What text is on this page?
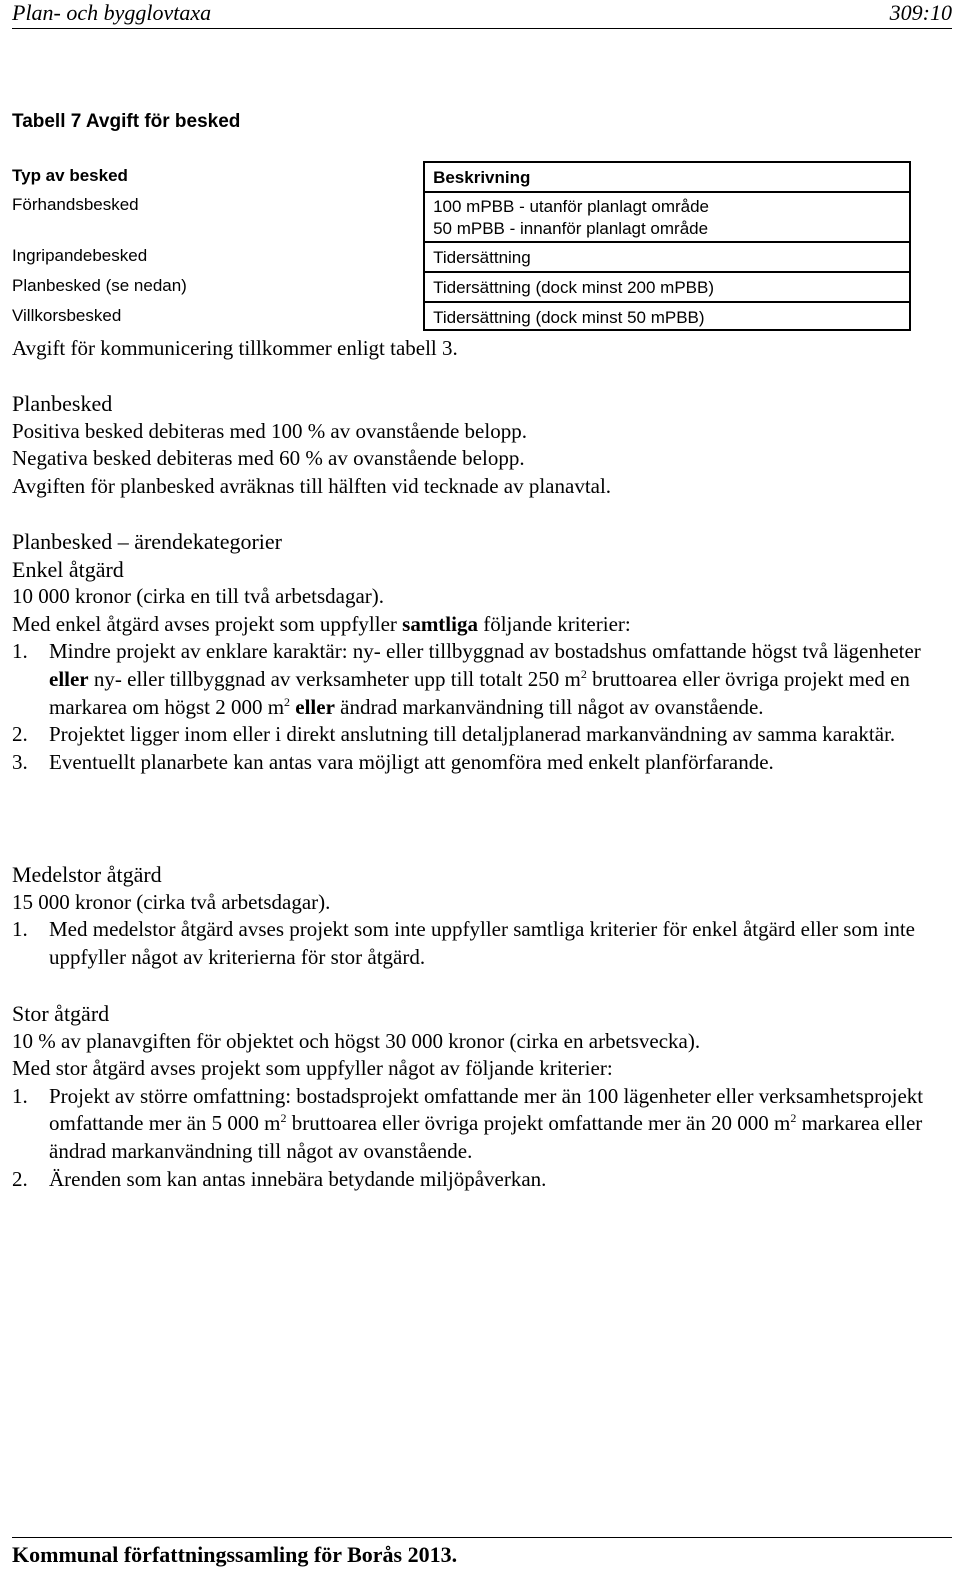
Plan- och bygglovtaxa	309:10
Tabell 7 Avgift för besked
Typ av besked	Beskrivning
Förhandsbesked	100 mPBB - utanför planlagt område
50 mPBB - innanför planlagt område
Ingripandebesked	Tidersättning
Planbesked (se nedan)	Tidersättning (dock minst 200 mPBB)
Villkorsbesked	Tidersättning (dock minst 50 mPBB)

Avgift för kommunicering tillkommer enligt tabell 3.

Planbesked

Positiva besked debiteras med 100 % av ovanstående belopp.

Negativa besked debiteras med 60 % av ovanstående belopp.

Avgiften för planbesked avräknas till hälften vid tecknade av planavtal.

Planbesked – ärendekategorier

Enkel åtgärd

10 000 kronor (cirka en till två arbetsdagar).

Med enkel åtgärd avses projekt som uppfyller samtliga följande kriterier:

1.	Mindre projekt av enklare karaktär: ny- eller tillbyggnad av bostadshus omfattande högst två lägenheter eller ny- eller tillbyggnad av verksamheter upp till totalt 250 $m^2$ bruttoarea eller övriga projekt med en markarea om högst 2 000 $m^2$ eller ändrad markanvändning till något av ovanstående.
2.	Projektet ligger inom eller i direkt anslutning till detaljplanerad markanvändning av samma karaktär.
3.	Eventuellt planarbete kan antas vara möjligt att genomföra med enkelt planförfarande.

Medelstor åtgärd

15 000 kronor (cirka två arbetsdagar).

1.	Med medelstor åtgärd avses projekt som inte uppfyller samtliga kriterier för enkel åtgärd eller som inte uppfyller något av kriterierna för stor åtgärd.

Stor åtgärd

10 % av planavgiften för objektet och högst 30 000 kronor (cirka en arbetsvecka).

Med stor åtgärd avses projekt som uppfyller något av följande kriterier:

1.	Projekt av större omfattning: bostadsprojekt omfattande mer än 100 lägenheter eller verksamhetsprojekt omfattande mer än 5 000 $m^2$ bruttoarea eller övriga projekt omfattande mer än 20 000 $m^2$ markarea eller ändrad markanvändning till något av ovanstående.
2.	Ärenden som kan antas innebära betydande miljöpåverkan.
Kommunal författningssamling för Borås 2013.
